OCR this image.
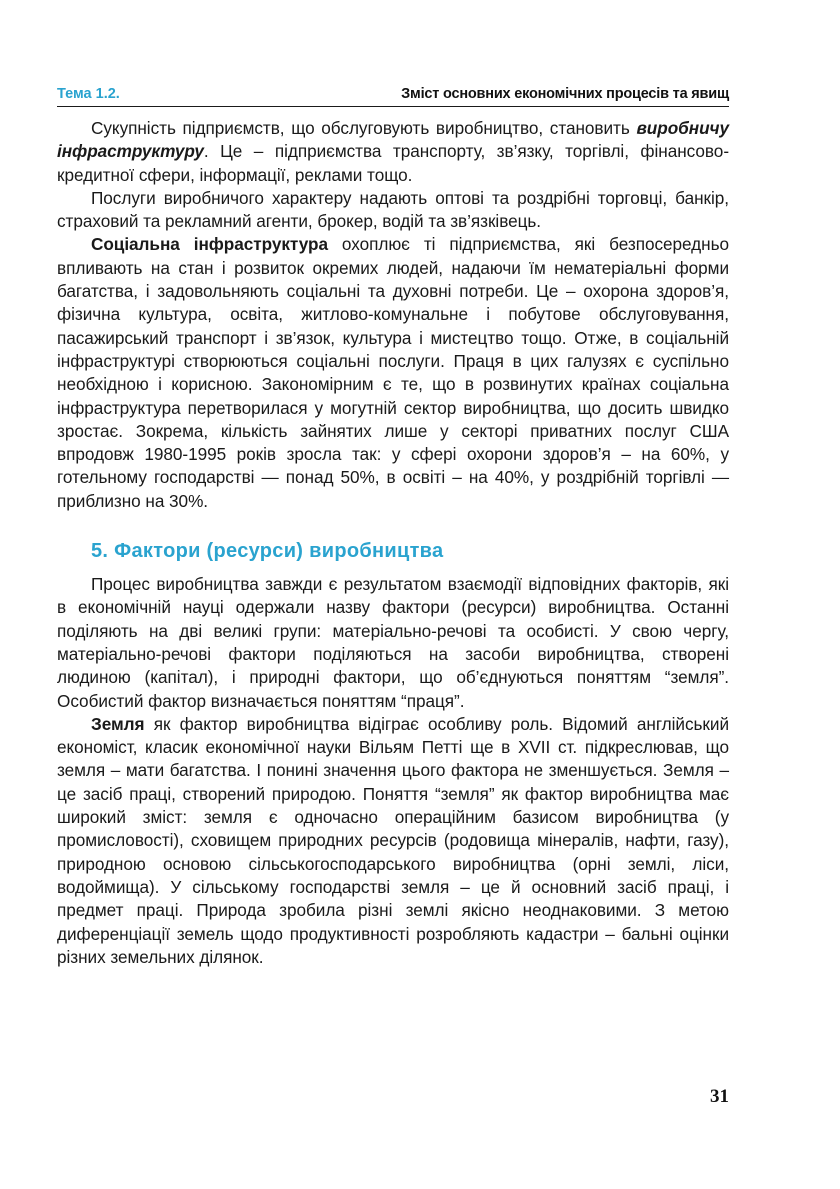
Тема 1.2.	Зміст основних економічних процесів та явищ

Сукупність підприємств, що обслуговують виробництво, становить виробничу інфраструктуру. Це – підприємства транспорту, зв’язку, торгівлі, фінансово-кредитної сфери, інформації, реклами тощо.

Послуги виробничого характеру надають оптові та роздрібні торговці, банкір, страховий та рекламний агенти, брокер, водій та зв’язківець.

Соціальна інфраструктура охоплює ті підприємства, які безпосередньо впливають на стан і розвиток окремих людей, надаючи їм нематеріальні форми багатства, і задовольняють соціальні та духовні потреби. Це – охорона здоров’я, фізична культура, освіта, житлово-комунальне і побутове обслуговування, пасажирський транспорт і зв’язок, культура і мистецтво тощо. Отже, в соціальній інфраструктурі створюються соціальні послуги. Праця в цих галузях є суспільно необхідною і корисною. Закономірним є те, що в розвинутих країнах соціальна інфраструктура перетворилася у могутній сектор виробництва, що досить швидко зростає. Зокрема, кількість зайнятих лише у секторі приватних послуг США впродовж 1980-1995 років зросла так: у сфері охорони здоров’я – на 60%, у готельному господарстві — понад 50%, в освіті – на 40%, у роздрібній торгівлі — приблизно на 30%.

5. Фактори (ресурси) виробництва

Процес виробництва завжди є результатом взаємодії відповідних факторів, які в економічній науці одержали назву фактори (ресурси) виробництва. Останні поділяють на дві великі групи: матеріально-речові та особисті. У свою чергу, матеріально-речові фактори поділяються на засоби виробництва, створені людиною (капітал), і природні фактори, що об’єднуються поняттям “земля”. Особистий фактор визначається поняттям “праця”.

Земля як фактор виробництва відіграє особливу роль. Відомий англійський економіст, класик економічної науки Вільям Петті ще в XVII ст. підкреслював, що земля – мати багатства. І понині значення цього фактора не зменшується. Земля – це засіб праці, створений природою. Поняття “земля” як фактор виробництва має широкий зміст: земля є одночасно операційним базисом виробництва (у промисловості), сховищем природних ресурсів (родовища мінералів, нафти, газу), природною основою сільськогосподарського виробництва (орні землі, ліси, водоймища). У сільському господарстві земля – це й основний засіб праці, і предмет праці. Природа зробила різні землі якісно неоднаковими. З метою диференціації земель щодо продуктивності розробляють кадастри – бальні оцінки різних земельних ділянок.

31
